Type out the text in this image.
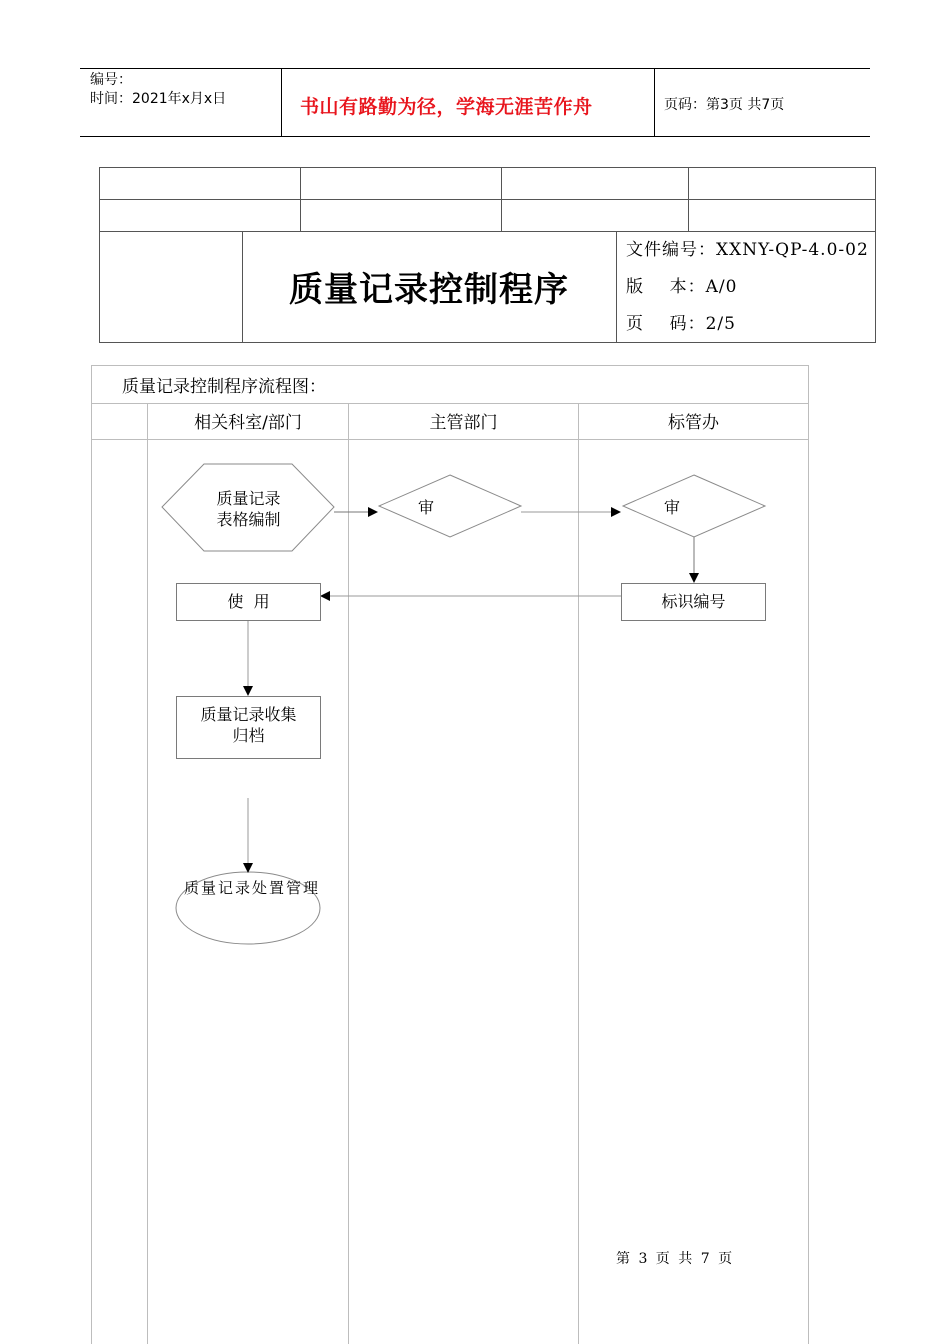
编号：
时间：2021年x月x日	书山有路勤为径，学海无涯苦作舟	页码：第3页 共7页
质量记录控制程序
文件编号：XXNY-QP-4.0-02
版    本：A/0
页    码：2/5
质量记录控制程序流程图：
相关科室/部门	主管部门	标管办
质量记录
表格编制
审	审
标识编号
使  用
质量记录收集
归档
质量记录处置管理
第 3 页 共 7 页
